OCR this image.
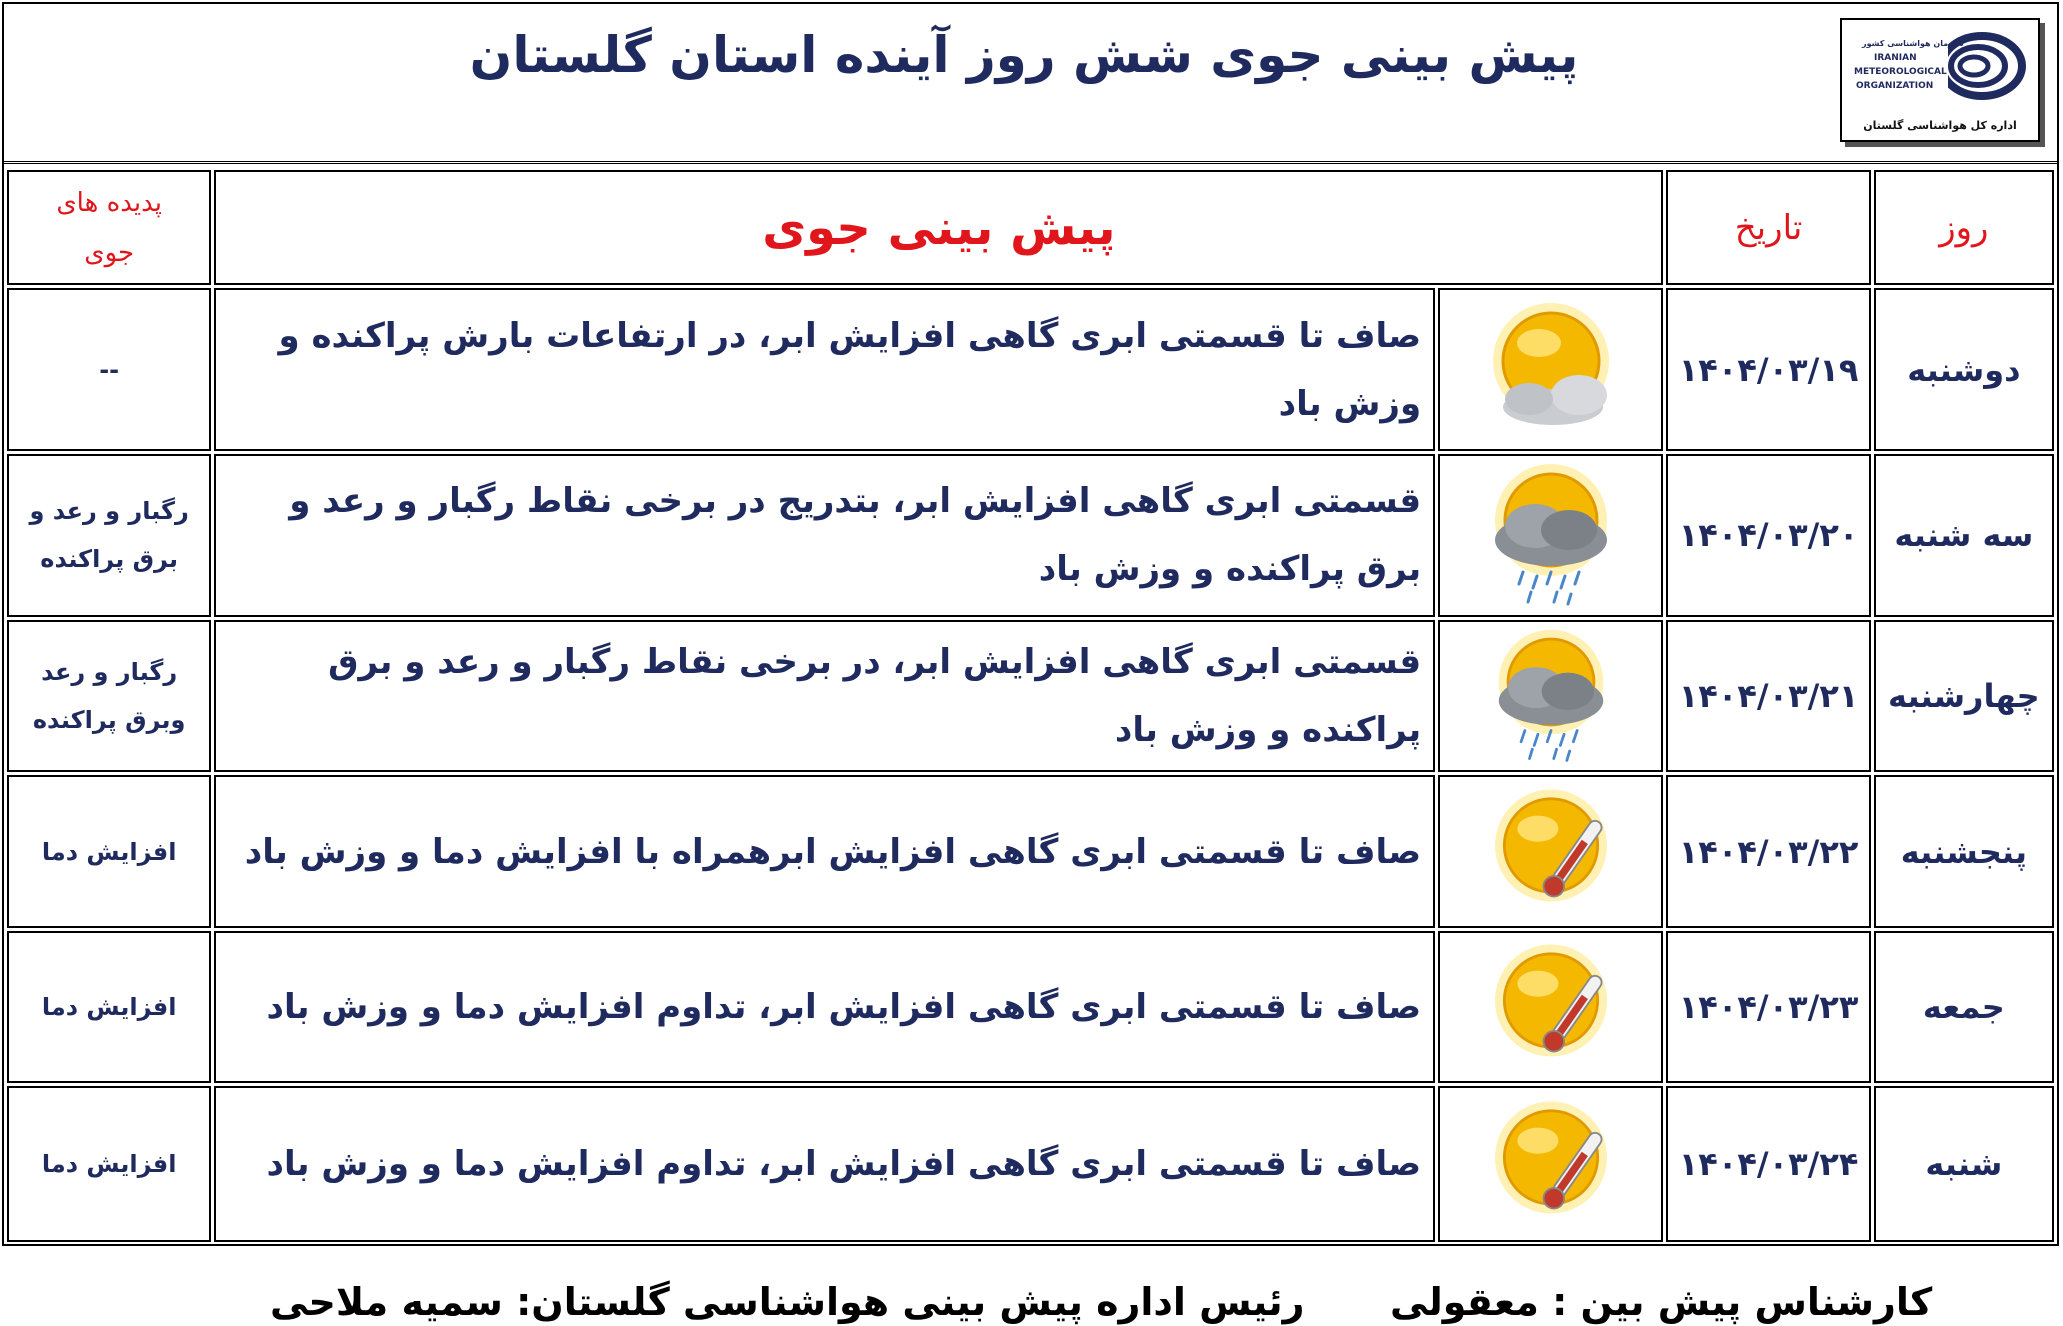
پیش بینی جوی شش روز آینده استان گلستان	سازمان هواشناسی کشور
IRANIAN
METEOROLOGICAL
ORGANIZATION
اداره کل هواشناسی گلستان
پدیده های
جوی	پیش بینی جوی		تاریخ	روز
--	صاف تا قسمتی ابری گاهی افزایش ابر، در ارتفاعات بارش پراکنده و وزش باد		۱۴۰۴/۰۳/۱۹	دوشنبه
رگبار و رعد و
برق پراکنده	قسمتی ابری گاهی افزایش ابر، بتدریج در برخی نقاط رگبار و رعد و برق پراکنده و وزش باد		۱۴۰۴/۰۳/۲۰	سه شنبه
رگبار و رعد
وبرق پراکنده	قسمتی ابری گاهی افزایش ابر، در برخی نقاط رگبار و رعد و برق پراکنده و وزش باد		۱۴۰۴/۰۳/۲۱	چهارشنبه
افزایش دما	صاف تا قسمتی ابری گاهی افزایش ابرهمراه با افزایش دما و وزش باد		۱۴۰۴/۰۳/۲۲	پنجشنبه
افزایش دما	صاف تا قسمتی ابری گاهی افزایش ابر، تداوم افزایش دما و وزش باد		۱۴۰۴/۰۳/۲۳	جمعه
افزایش دما	صاف تا قسمتی ابری گاهی افزایش ابر، تداوم افزایش دما و وزش باد		۱۴۰۴/۰۳/۲۴	شنبه
کارشناس پیش بین : معقولی
رئیس اداره پیش بینی هواشناسی گلستان: سمیه ملاحی
